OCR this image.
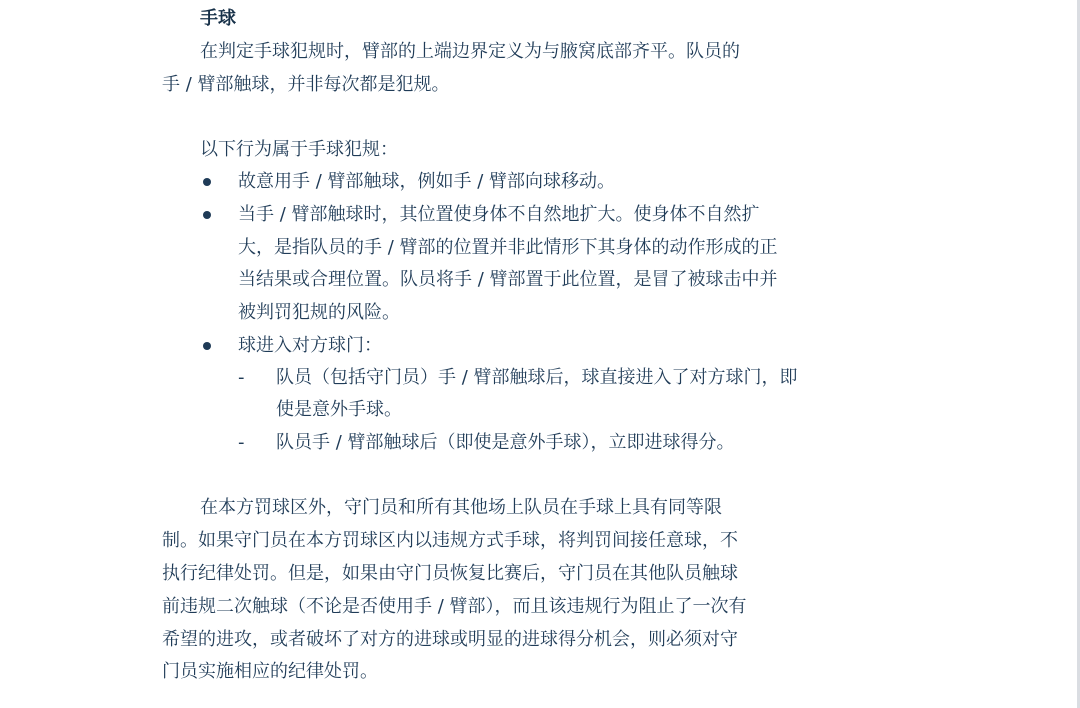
手球
在判定手球犯规时，臂部的上端边界定义为与腋窝底部齐平。队员的
手 / 臂部触球，并非每次都是犯规。
以下行为属于手球犯规：
故意用手 / 臂部触球，例如手 / 臂部向球移动。
当手 / 臂部触球时，其位置使身体不自然地扩大。使身体不自然扩
大，是指队员的手 / 臂部的位置并非此情形下其身体的动作形成的正
当结果或合理位置。队员将手 / 臂部置于此位置，是冒了被球击中并
被判罚犯规的风险。
球进入对方球门：
- 队员（包括守门员）手 / 臂部触球后，球直接进入了对方球门，即
使是意外手球。
- 队员手 / 臂部触球后（即使是意外手球），立即进球得分。
在本方罚球区外，守门员和所有其他场上队员在手球上具有同等限
制。如果守门员在本方罚球区内以违规方式手球，将判罚间接任意球，不
执行纪律处罚。但是，如果由守门员恢复比赛后，守门员在其他队员触球
前违规二次触球（不论是否使用手 / 臂部），而且该违规行为阻止了一次有
希望的进攻，或者破坏了对方的进球或明显的进球得分机会，则必须对守
门员实施相应的纪律处罚。
